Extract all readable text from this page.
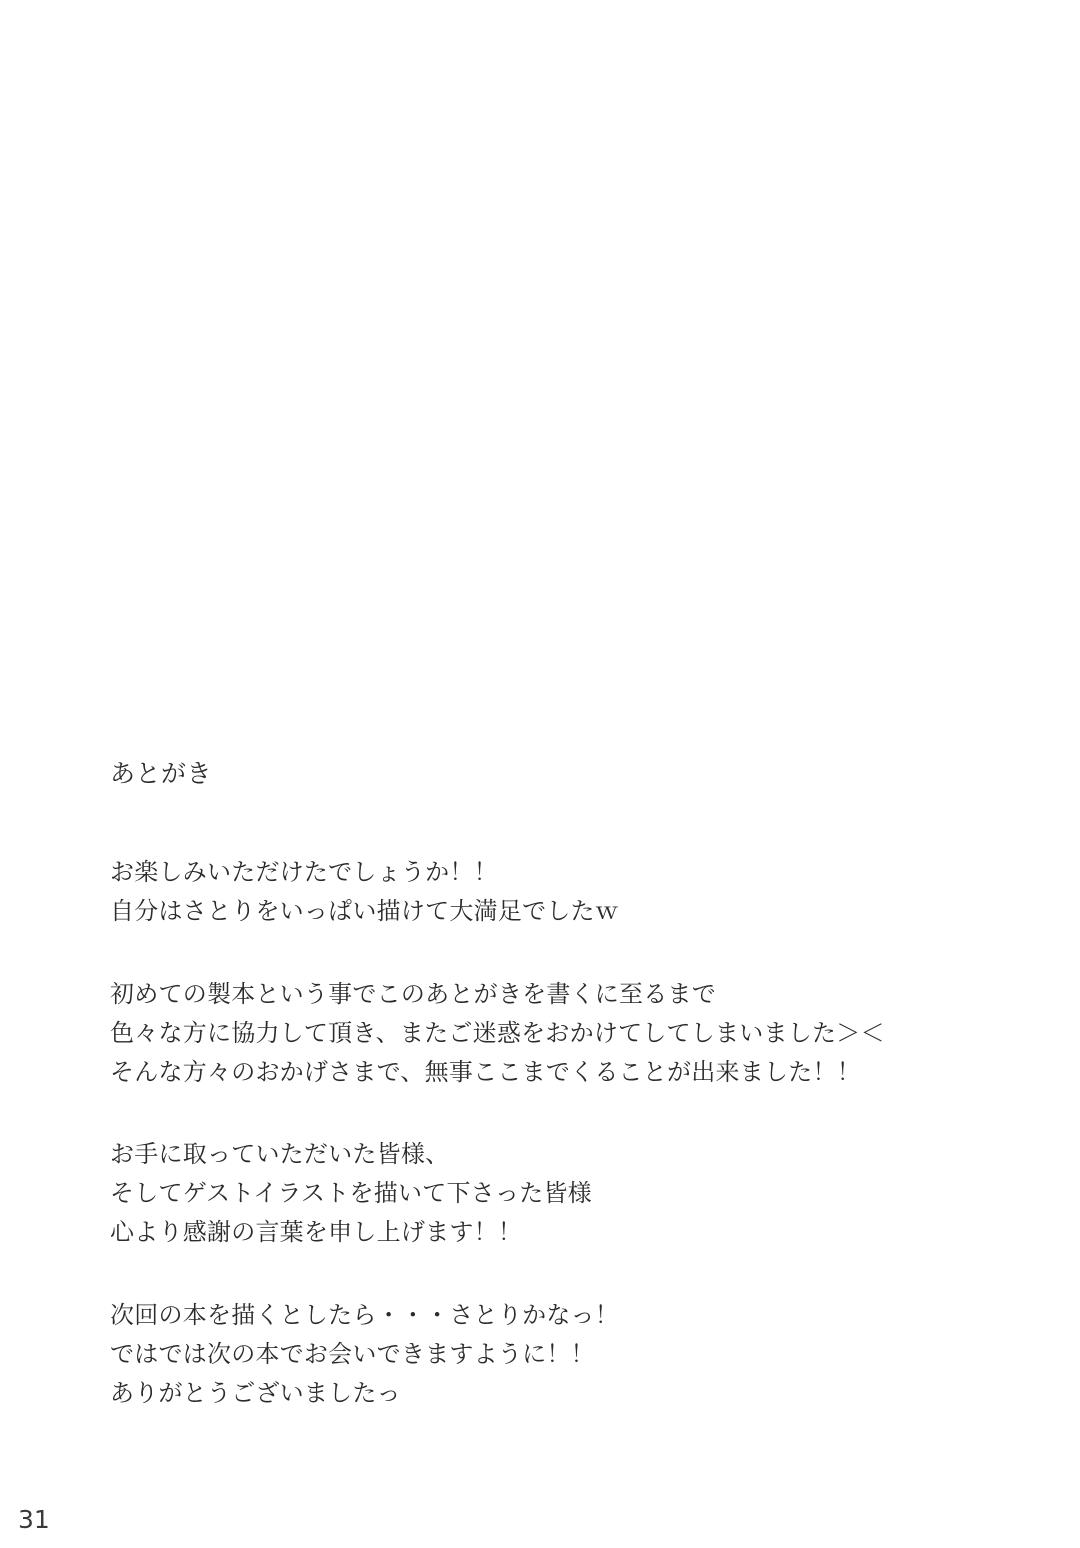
あとがき
お楽しみいただけたでしょうか！！
自分はさとりをいっぱい描けて大満足でしたｗ
初めての製本という事でこのあとがきを書くに至るまで
色々な方に協力して頂き、またご迷惑をおかけてしてしまいました＞＜
そんな方々のおかげさまで、無事ここまでくることが出来ました！！
お手に取っていただいた皆様、
そしてゲストイラストを描いて下さった皆様
心より感謝の言葉を申し上げます！！
次回の本を描くとしたら・・・さとりかなっ！
ではでは次の本でお会いできますように！！
ありがとうございましたっ
31
